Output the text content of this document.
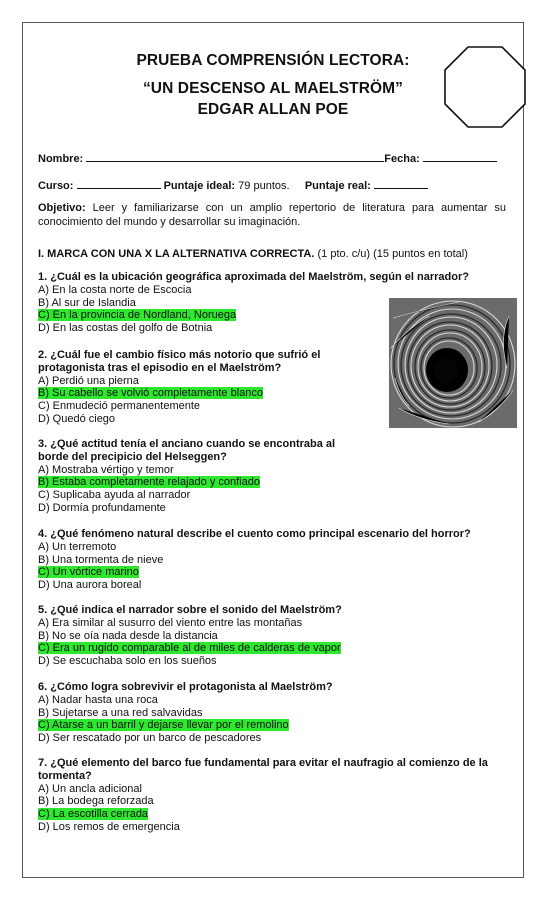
PRUEBA COMPRENSIÓN LECTORA:
“UN DESCENSO AL MAELSTRÖM”
EDGAR ALLAN POE
Nombre:	Fecha:
Curso:	Puntaje ideal: 79 puntos. Puntaje real:
Objetivo: Leer y familiarizarse con un amplio repertorio de literatura para aumentar su conocimiento del mundo y desarrollar su imaginación.
I. MARCA CON UNA X LA ALTERNATIVA CORRECTA. (1 pto. c/u) (15 puntos en total)
1. ¿Cuál es la ubicación geográfica aproximada del Maelström, según el narrador?
A) En la costa norte de Escocia
B) Al sur de Islandia
C) En la provincia de Nordland, Noruega
D) En las costas del golfo de Botnia
2. ¿Cuál fue el cambio físico más notorio que sufrió el protagonista tras el episodio en el Maelström?
A) Perdió una pierna
B) Su cabello se volvió completamente blanco
C) Enmudeció permanentemente
D) Quedó ciego
3. ¿Qué actitud tenía el anciano cuando se encontraba al borde del precipicio del Helseggen?
A) Mostraba vértigo y temor
B) Estaba completamente relajado y confiado
C) Suplicaba ayuda al narrador
D) Dormía profundamente
4. ¿Qué fenómeno natural describe el cuento como principal escenario del horror?
A) Un terremoto
B) Una tormenta de nieve
C) Un vórtice marino
D) Una aurora boreal
5. ¿Qué indica el narrador sobre el sonido del Maelström?
A) Era similar al susurro del viento entre las montañas
B) No se oía nada desde la distancia
C) Era un rugido comparable al de miles de calderas de vapor
D) Se escuchaba solo en los sueños
6. ¿Cómo logra sobrevivir el protagonista al Maelström?
A) Nadar hasta una roca
B) Sujetarse a una red salvavidas
C) Atarse a un barril y dejarse llevar por el remolino
D) Ser rescatado por un barco de pescadores
7. ¿Qué elemento del barco fue fundamental para evitar el naufragio al comienzo de la tormenta?
A) Un ancla adicional
B) La bodega reforzada
C) La escotilla cerrada
D) Los remos de emergencia
